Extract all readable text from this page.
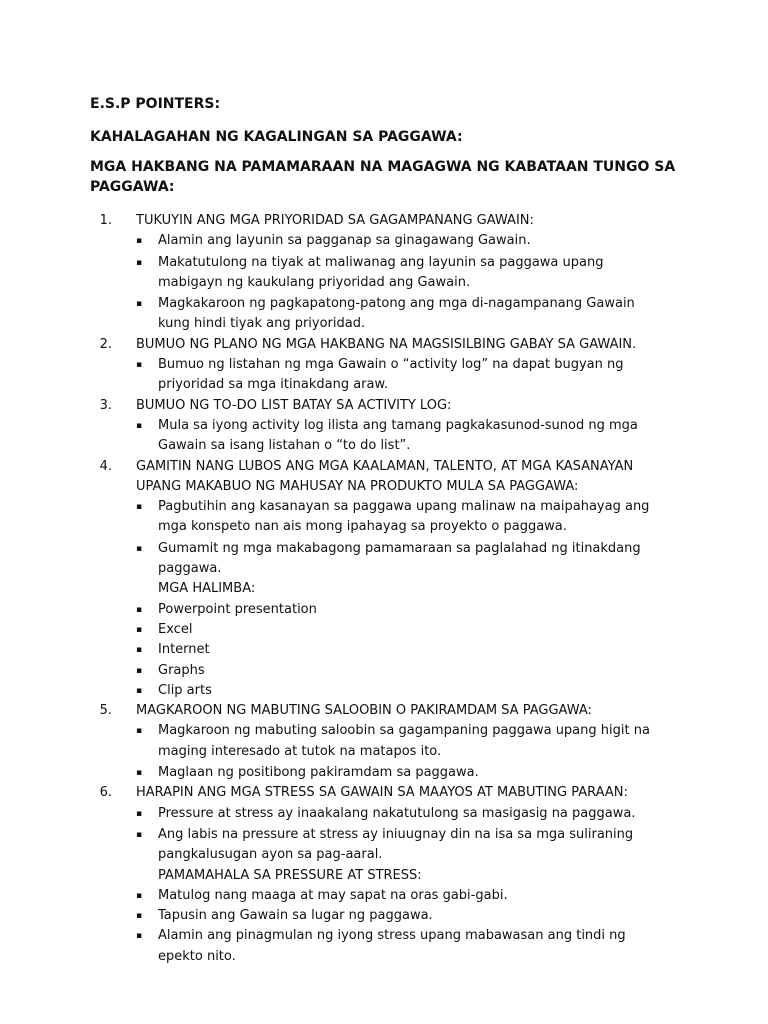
E.S.P POINTERS:

KAHALAGAHAN NG KAGALINGAN SA PAGGAWA:

MGA HAKBANG NA PAMAMARAAN NA MAGAGWA NG KABATAAN TUNGO SA PAGGAWA:

1.	TUKUYIN ANG MGA PRIYORIDAD SA GAGAMPANANG GAWAIN:
▪	Alamin ang layunin sa pagganap sa ginagawang Gawain.
▪	Makatutulong na tiyak at maliwanag ang layunin sa paggawa upang mabigayn ng kaukulang priyoridad ang Gawain.
▪	Magkakaroon ng pagkapatong-patong ang mga di-nagampanang Gawain kung hindi tiyak ang priyoridad.
2.	BUMUO NG PLANO NG MGA HAKBANG NA MAGSISILBING GABAY SA GAWAIN.
▪	Bumuo ng listahan ng mga Gawain o “activity log” na dapat bugyan ng priyoridad sa mga itinakdang araw.
3.	BUMUO NG TO-DO LIST BATAY SA ACTIVITY LOG:
▪	Mula sa iyong activity log ilista ang tamang pagkakasunod-sunod ng mga Gawain sa isang listahan o “to do list”.
4.	GAMITIN NANG LUBOS ANG MGA KAALAMAN, TALENTO, AT MGA KASANAYAN UPANG MAKABUO NG MAHUSAY NA PRODUKTO MULA SA PAGGAWA:
▪	Pagbutihin ang kasanayan sa paggawa upang malinaw na maipahayag ang mga konspeto nan ais mong ipahayag sa proyekto o paggawa.
▪	Gumamit ng mga makabagong pamamaraan sa paglalahad ng itinakdang paggawa.
MGA HALIMBA:
▪	Powerpoint presentation
▪	Excel
▪	Internet
▪	Graphs
▪	Clip arts
5.	MAGKAROON NG MABUTING SALOOBIN O PAKIRAMDAM SA PAGGAWA:
▪	Magkaroon ng mabuting saloobin sa gagampaning paggawa upang higit na maging interesado at tutok na matapos ito.
▪	Maglaan ng positibong pakiramdam sa paggawa.
6.	HARAPIN ANG MGA STRESS SA GAWAIN SA MAAYOS AT MABUTING PARAAN:
▪	Pressure at stress ay inaakalang nakatutulong sa masigasig na paggawa.
▪	Ang labis na pressure at stress ay iniuugnay din na isa sa mga suliraning pangkalusugan ayon sa pag-aaral.
PAMAMAHALA SA PRESSURE AT STRESS:
▪	Matulog nang maaga at may sapat na oras gabi-gabi.
▪	Tapusin ang Gawain sa lugar ng paggawa.
▪	Alamin ang pinagmulan ng iyong stress upang mabawasan ang tindi ng epekto nito.
